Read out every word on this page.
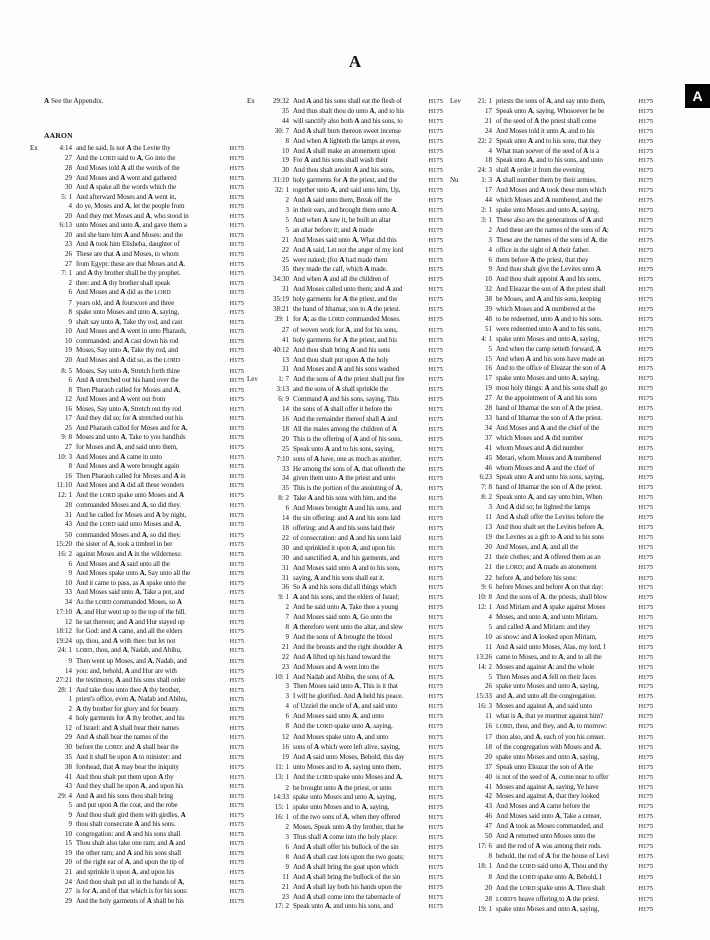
A
A
A See the Appendix.
AARON
Ex	4:14 and he said, Is not A the Levite thy	H175
27 And the LORD said to A, Go into the	H175
28 And Moses told A all the words of the	H175
29 And Moses and A went and gathered	H175
30 And A spake all the words which the	H175
5: 1 And afterward Moses and A went in,	H175
4 do ye, Moses and A, let the people from	H175
20 And they met Moses and A, who stood in	H175
6:13 unto Moses and unto A, and gave them a	H175
20 and she bare him A and Moses: and the	H175
23 And A took him Elisheba, daughter of	H175
26 These are that A and Moses, to whom	H175
27 from Egypt: these are that Moses and A.	H175
7: 1 and A thy brother shall be thy prophet.	H175
2 thee: and A thy brother shall speak	H175
6 And Moses and A did as the LORD	H175
7 years old, and A fourscore and three	H175
8 spake unto Moses and unto A, saying,	H175
9 shalt say unto A, Take thy rod, and cast	H175
10 And Moses and A went in unto Pharaoh,	H175
10 commanded: and A cast down his rod	H175
19 Moses, Say unto A, Take thy rod, and	H175
20 And Moses and A did so, as the LORD	H175
8: 5 Moses, Say unto A, Stretch forth thine	H175
6 And A stretched out his hand over the	H175
8 Then Pharaoh called for Moses and A,	H175
12 And Moses and A went out from	H175
16 Moses, Say unto A, Stretch out thy rod	H175
17 And they did so; for A stretched out his	H175
25 And Pharaoh called for Moses and for A,	H175
9: 8 Moses and unto A, Take to you handfuls	H175
27 for Moses and A, and said unto them,	H175
10: 3 And Moses and A came in unto	H175
8 And Moses and A were brought again	H175
16 Then Pharaoh called for Moses and A in	H175
11:10 And Moses and A did all these wonders	H175
12: 1 And the LORD spake unto Moses and A	H175
28 commanded Moses and A, so did they.	H175
31 And he called for Moses and A by night,	H175
43 And the LORD said unto Moses and A,	H175
50 commanded Moses and A, so did they.	H175
15:20 the sister of A, took a timbrel in her	H175
16: 2 against Moses and A in the wilderness:	H175
6 And Moses and A said unto all the	H175
9 And Moses spake unto A, Say unto all the	H175
10 And it came to pass, as A spake unto the	H175
33 And Moses said unto A, Take a pot, and	H175
34 As the LORD commanded Moses, so A	H175
17:10 A, and Hur went up to the top of the hill.	H175
12 he sat thereon; and A and Hur stayed up	H175
18:12 for God: and A came, and all the elders	H175
19:24 up, thou, and A with thee: but let not	H175
24: 1 LORD, thou, and A, Nadab, and Abihu,	H175
9 Then went up Moses, and A, Nadab, and	H175
14 you: and, behold, A and Hur are with	H175
27:21 the testimony, A and his sons shall order	H175
28: 1 And take thou unto thee A thy brother,	H175
1 priest's office, even A, Nadab and Abihu,	H175
2 A thy brother for glory and for beauty.	H175
4 holy garments for A thy brother, and his	H175
12 of Israel: and A shall bear their names	H175
29 And A shall bear the names of the	H175
30 before the LORD: and A shall bear the	H175
35 And it shall be upon A to minister: and	H175
38 forehead, that A may bear the iniquity	H175
41 And thou shalt put them upon A thy	H175
43 And they shall be upon A, and upon his	H175
29: 4 And A and his sons thou shalt bring	H175
5 and put upon A the coat, and the robe	H175
9 And thou shalt gird them with girdles, A	H175
9 thou shalt consecrate A and his sons.	H175
10 congregation: and A and his sons shall	H175
15 Thou shalt also take one ram; and A and	H175
19 the other ram; and A and his sons shall	H175
20 of the right ear of A, and upon the tip of	H175
21 and sprinkle it upon A, and upon his	H175
24 And thou shalt put all in the hands of A,	H175
27 is for A, and of that which is for his sons:	H175
29 And the holy garments of A shall be his	H175
Ex	29:32 And A and his sons shall eat the flesh of	H175
35 And thus shalt thou do unto A, and to his	H175
44 will sanctify also both A and his sons, to	H175
30: 7 And A shall burn thereon sweet incense	H175
8 And when A lighteth the lamps at even,	H175
10 And A shall make an atonement upon	H175
19 For A and his sons shall wash their	H175
30 And thou shalt anoint A and his sons,	H175
31:10 holy garments for A the priest, and the	H175
32: 1 together unto A, and said unto him, Up,	H175
2 And A said unto them, Break off the	H175
3 in their ears, and brought them unto A.	H175
5 And when A saw it, he built an altar	H175
5 an altar before it; and A made	H175
21 And Moses said unto A, What did this	H175
22 And A said, Let not the anger of my lord	H175
25 were naked; (for A had made them	H175
35 they made the calf, which A made.	H175
34:30 And when A and all the children of	H175
31 And Moses called unto them; and A and	H175
35:19 holy garments for A the priest, and the	H175
38:21 the hand of Ithamar, son to A the priest.	H175
39: 1 for A; as the LORD commanded Moses.	H175
27 of woven work for A, and for his sons,	H175
41 holy garments for A the priest, and his	H175
40:12 And thou shalt bring A and his sons	H175
13 And thou shalt put upon A the holy	H175
31 And Moses and A and his sons washed	H175
Lev	1: 7 And the sons of A the priest shall put fire	H175
3:13 and the sons of A shall sprinkle the	H175
6: 9 Command A and his sons, saying, This	H175
14 the sons of A shall offer it before the	H175
16 And the remainder thereof shall A and	H175
18 All the males among the children of A	H175
20 This is the offering of A and of his sons,	H175
25 Speak unto A and to his sons, saying,	H175
7:10 sons of A have, one as much as another.	H175
33 He among the sons of A, that offereth the	H175
34 given them unto A the priest and unto	H175
35 This is the portion of the anointing of A,	H175
8: 2 Take A and his sons with him, and the	H175
6 And Moses brought A and his sons, and	H175
14 the sin offering: and A and his sons laid	H175
18 offering: and A and his sons laid their	H175
22 of consecration: and A and his sons laid	H175
30 and sprinkled it upon A, and upon his	H175
30 and sanctified A, and his garments, and	H175
31 And Moses said unto A and to his sons,	H175
31 saying, A and his sons shall eat it.	H175
36 So A and his sons did all things which	H175
9: 1 A and his sons, and the elders of Israel;	H175
2 And he said unto A, Take thee a young	H175
7 And Moses said unto A, Go unto the	H175
8 A therefore went unto the altar, and slew	H175
9 And the sons of A brought the blood	H175
21 And the breasts and the right shoulder A	H175
22 And A lifted up his hand toward the	H175
23 And Moses and A went into the	H175
10: 1 And Nadab and Abihu, the sons of A,	H175
3 Then Moses said unto A, This is it that	H175
3 I will be glorified. And A held his peace.	H175
4 of Uzziel the uncle of A, and said unto	H175
6 And Moses said unto A, and unto	H175
8 And the LORD spake unto A, saying,	H175
12 And Moses spake unto A, and unto	H175
16 sons of A which were left alive, saying,	H175
19 And A said unto Moses, Behold, this day	H175
11: 1 unto Moses and to A, saying unto them,	H175
13: 1 And the LORD spake unto Moses and A,	H175
2 be brought unto A the priest, or unto	H175
14:33 spake unto Moses and unto A, saying,	H175
15: 1 spake unto Moses and to A, saying,	H175
16: 1 of the two sons of A, when they offered	H175
2 Moses, Speak unto A thy brother, that he	H175
3 Thus shall A come into the holy place:	H175
6 And A shall offer his bullock of the sin	H175
8 And A shall cast lots upon the two goats;	H175
9 And A shall bring the goat upon which	H175
11 And A shall bring the bullock of the sin	H175
21 And A shall lay both his hands upon the	H175
23 And A shall come into the tabernacle of	H175
17: 2 Speak unto A, and unto his sons, and	H175
Lev	21: 1 priests the sons of A, and say unto them,	H175
17 Speak unto A, saying, Whosoever he be	H175
21 of the seed of A the priest shall come	H175
24 And Moses told it unto A, and to his	H175
22: 2 Speak unto A and to his sons, that they	H175
4 What man soever of the seed of A is a	H175
18 Speak unto A, and to his sons, and unto	H175
24: 3 shall A order it from the evening	H175
Nu	1: 3 A shall number them by their armies.	H175
17 And Moses and A took these men which	H175
44 which Moses and A numbered, and the	H175
2: 1 spake unto Moses and unto A, saying,	H175
3: 1 These also are the generations of A and	H175
2 And these are the names of the sons of A;	H175
3 These are the names of the sons of A, the	H175
4 office in the sight of A their father.	H175
6 them before A the priest, that they	H175
9 And thou shalt give the Levites unto A	H175
10 And thou shalt appoint A and his sons,	H175
32 And Eleazar the son of A the priest shall	H175
38 be Moses, and A and his sons, keeping	H175
39 which Moses and A numbered at the	H175
48 to be redeemed, unto A and to his sons.	H175
51 were redeemed unto A and to his sons,	H175
4: 1 spake unto Moses and unto A, saying,	H175
5 And when the camp setteth forward, A	H175
15 And when A and his sons have made an	H175
16 And to the office of Eleazar the son of A	H175
17 spake unto Moses and unto A, saying,	H175
19 most holy things: A and his sons shall go	H175
27 At the appointment of A and his sons	H175
28 hand of Ithamar the son of A the priest.	H175
33 hand of Ithamar the son of A the priest.	H175
34 And Moses and A and the chief of the	H175
37 which Moses and A did number	H175
41 whom Moses and A did number	H175
45 Merari, whom Moses and A numbered	H175
46 whom Moses and A and the chief of	H175
6:23 Speak unto A and unto his sons, saying,	H175
7: 8 hand of Ithamar the son of A the priest.	H175
8: 2 Speak unto A, and say unto him, When	H175
3 And A did so; he lighted the lamps	H175
11 And A shall offer the Levites before the	H175
13 And thou shalt set the Levites before A,	H175
19 the Levites as a gift to A and to his sons	H175
20 And Moses, and A, and all the	H175
21 their clothes; and A offered them as an	H175
21 the LORD; and A made an atonement	H175
22 before A, and before his sons:	H175
9: 6 before Moses and before A on that day:	H175
10: 8 And the sons of A, the priests, shall blow	H175
12: 1 And Miriam and A spake against Moses	H175
4 Moses, and unto A, and unto Miriam,	H175
5 and called A and Miriam: and they	H175
10 as snow: and A looked upon Miriam,	H175
11 And A said unto Moses, Alas, my lord, I	H175
13:26 came to Moses, and to A, and to all the	H175
14: 2 Moses and against A: and the whole	H175
5 Then Moses and A fell on their faces	H175
26 spake unto Moses and unto A, saying,	H175
15:33 and A, and unto all the congregation.	H175
16: 3 Moses and against A, and said unto	H175
11 what is A, that ye murmur against him?	H175
16 LORD, thou, and they, and A, to morrow:	H175
17 thou also, and A, each of you his censer.	H175
18 of the congregation with Moses and A.	H175
20 spake unto Moses and unto A, saying,	H175
37 Speak unto Eleazar the son of A the	H175
40 is not of the seed of A, come near to offer	H175
41 Moses and against A, saying, Ye have	H175
42 Moses and against A, that they looked	H175
43 And Moses and A came before the	H175
46 And Moses said unto A, Take a censer,	H175
47 And A took as Moses commanded, and	H175
50 And A returned unto Moses unto the	H175
17: 6 and the rod of A was among their rods.	H175
8 behold, the rod of A for the house of Levi	H175
18: 1 And the LORD said unto A, Thou and thy	H175
8 And the LORD spake unto A, Behold, I	H175
20 And the LORD spake unto A, Thou shalt	H175
28 LORD'S heave offering to A the priest.	H175
19: 1 spake unto Moses and unto A, saying,	H175
